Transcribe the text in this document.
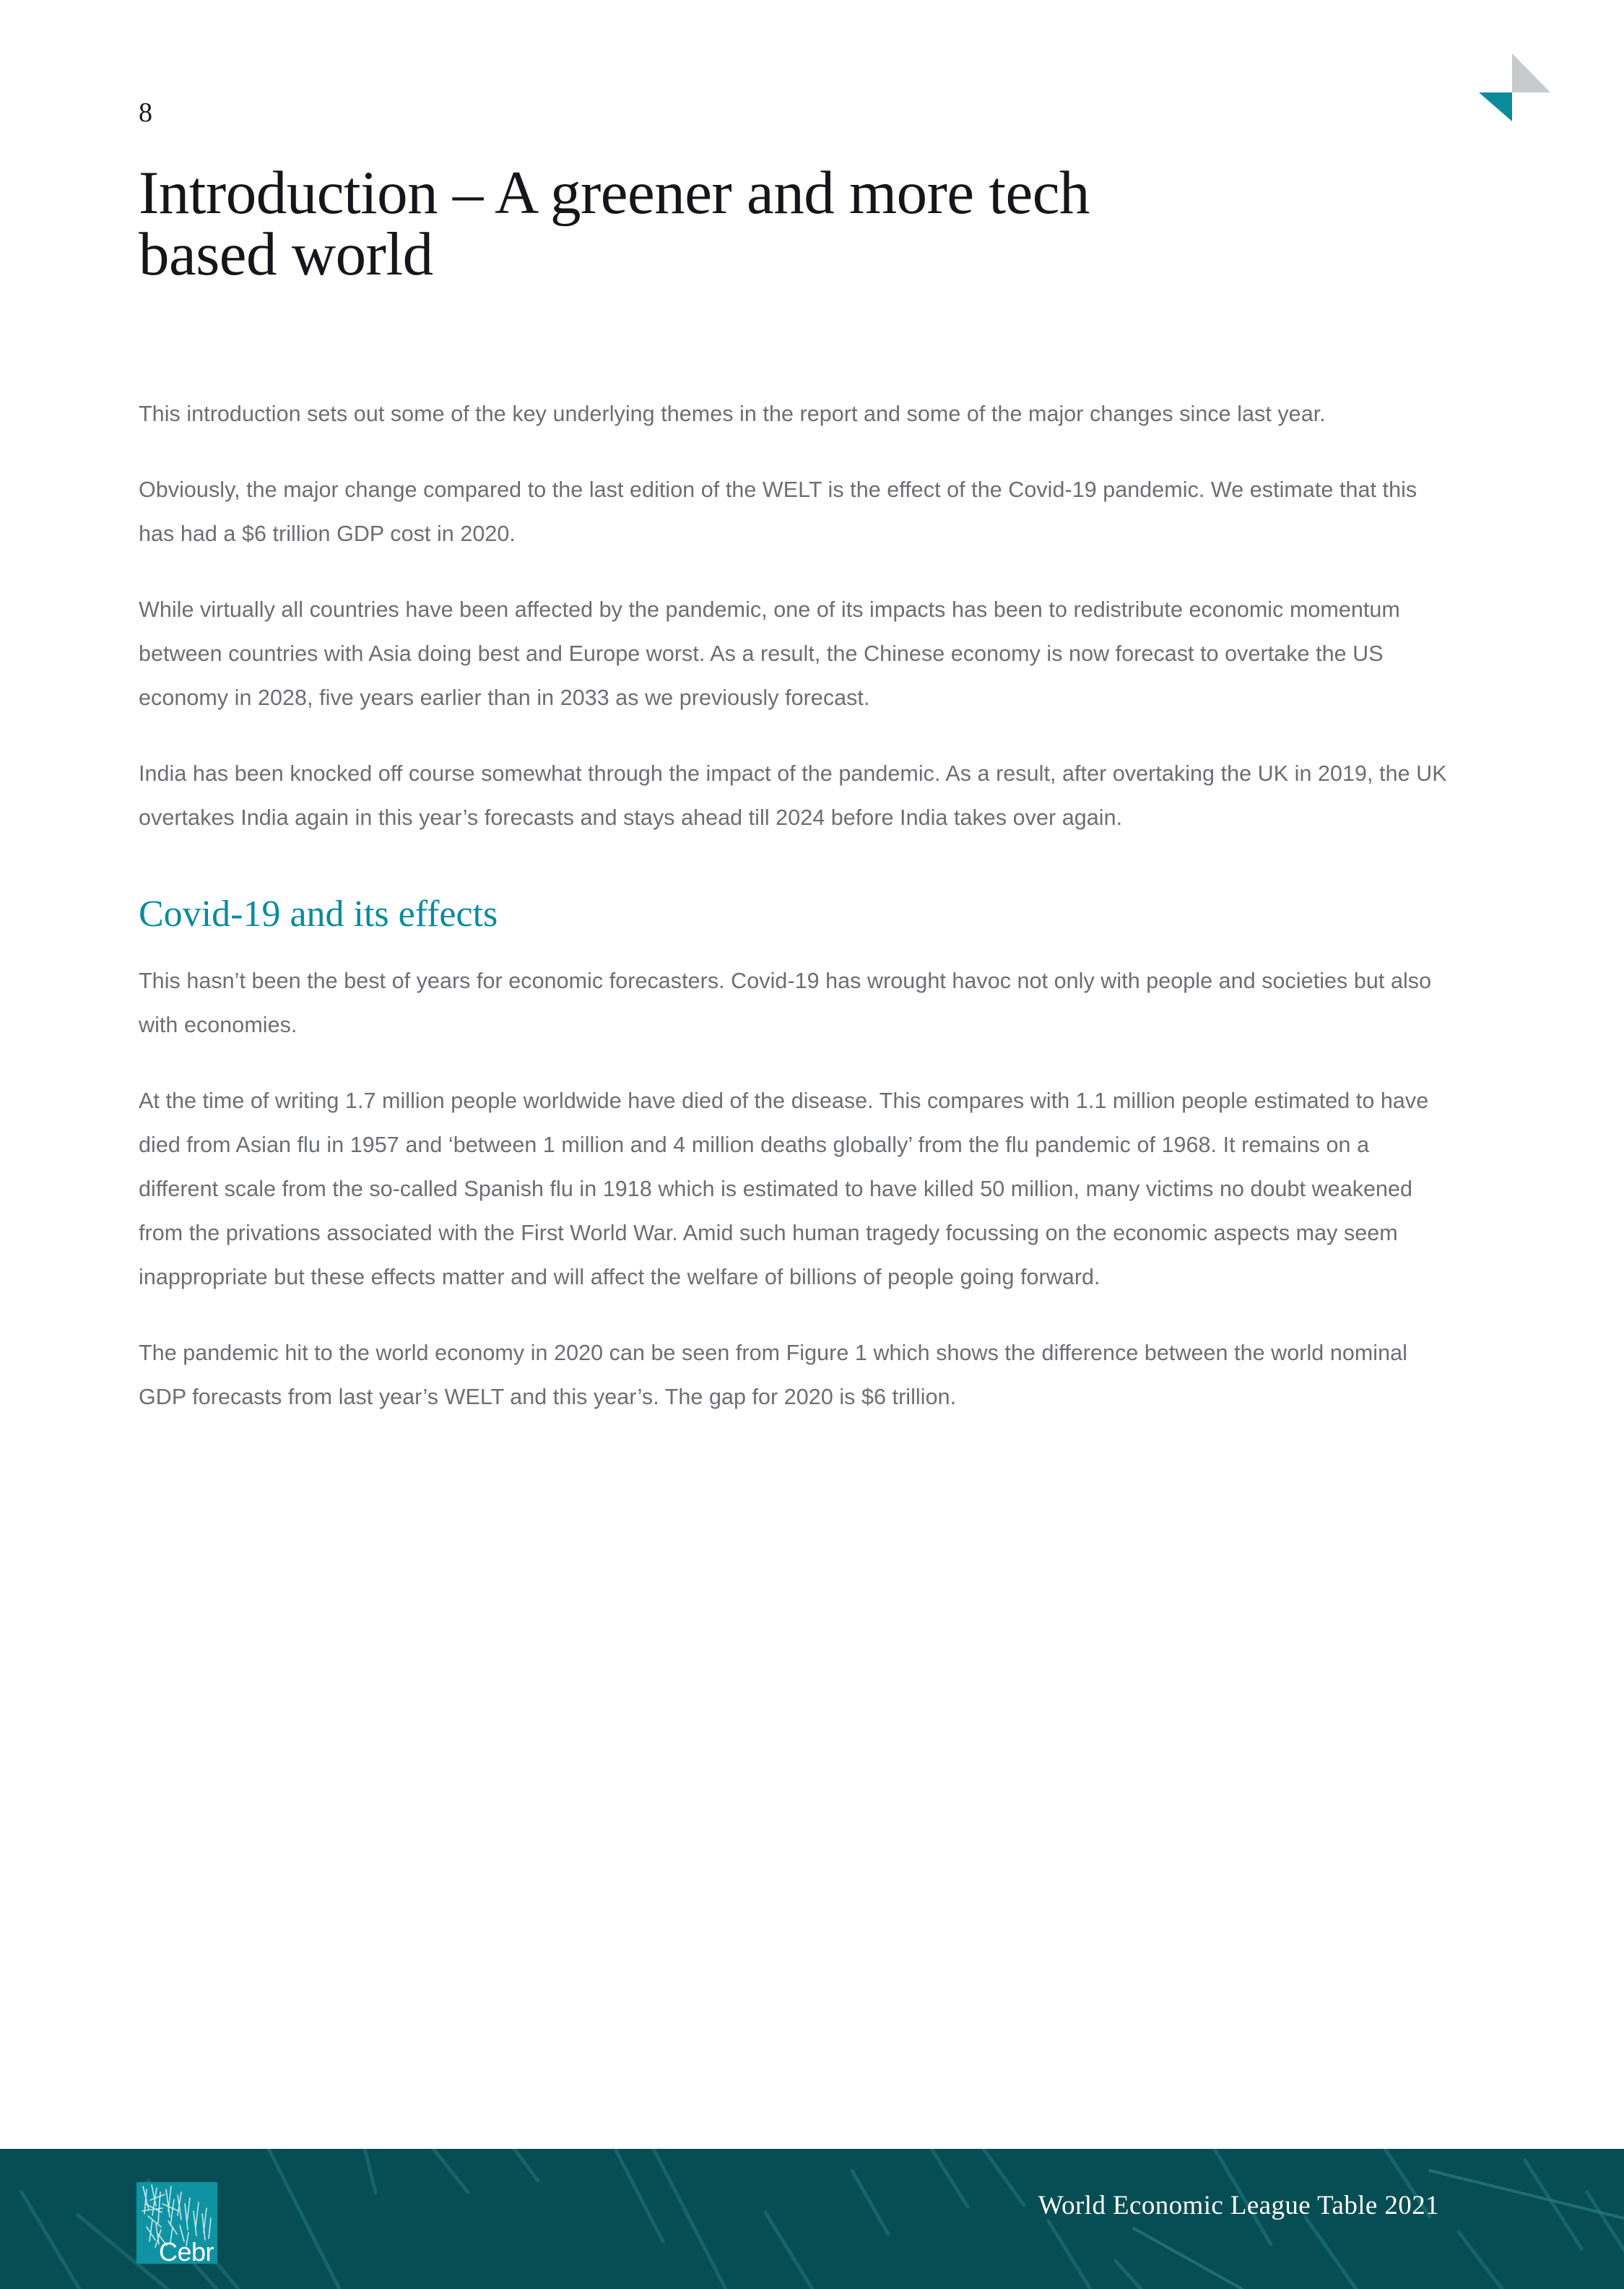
8
Introduction – A greener and more tech
based world

This introduction sets out some of the key underlying themes in the report and some of the major changes since last year.

Obviously, the major change compared to the last edition of the WELT is the effect of the Covid-19 pandemic. We estimate that this has had a $6 trillion GDP cost in 2020.

While virtually all countries have been affected by the pandemic, one of its impacts has been to redistribute economic momentum between countries with Asia doing best and Europe worst. As a result, the Chinese economy is now forecast to overtake the US economy in 2028, five years earlier than in 2033 as we previously forecast.

India has been knocked off course somewhat through the impact of the pandemic. As a result, after overtaking the UK in 2019, the UK overtakes India again in this year’s forecasts and stays ahead till 2024 before India takes over again.

Covid-19 and its effects

This hasn’t been the best of years for economic forecasters. Covid-19 has wrought havoc not only with people and societies but also with economies.

At the time of writing 1.7 million people worldwide have died of the disease. This compares with 1.1 million people estimated to have died from Asian flu in 1957 and ‘between 1 million and 4 million deaths globally’ from the flu pandemic of 1968. It remains on a different scale from the so-called Spanish flu in 1918 which is estimated to have killed 50 million, many victims no doubt weakened from the privations associated with the First World War. Amid such human tragedy focussing on the economic aspects may seem inappropriate but these effects matter and will affect the welfare of billions of people going forward.

The pandemic hit to the world economy in 2020 can be seen from Figure 1 which shows the difference between the world nominal GDP forecasts from last year’s WELT and this year’s. The gap for 2020 is $6 trillion.

Cebr
World Economic League Table 2021
